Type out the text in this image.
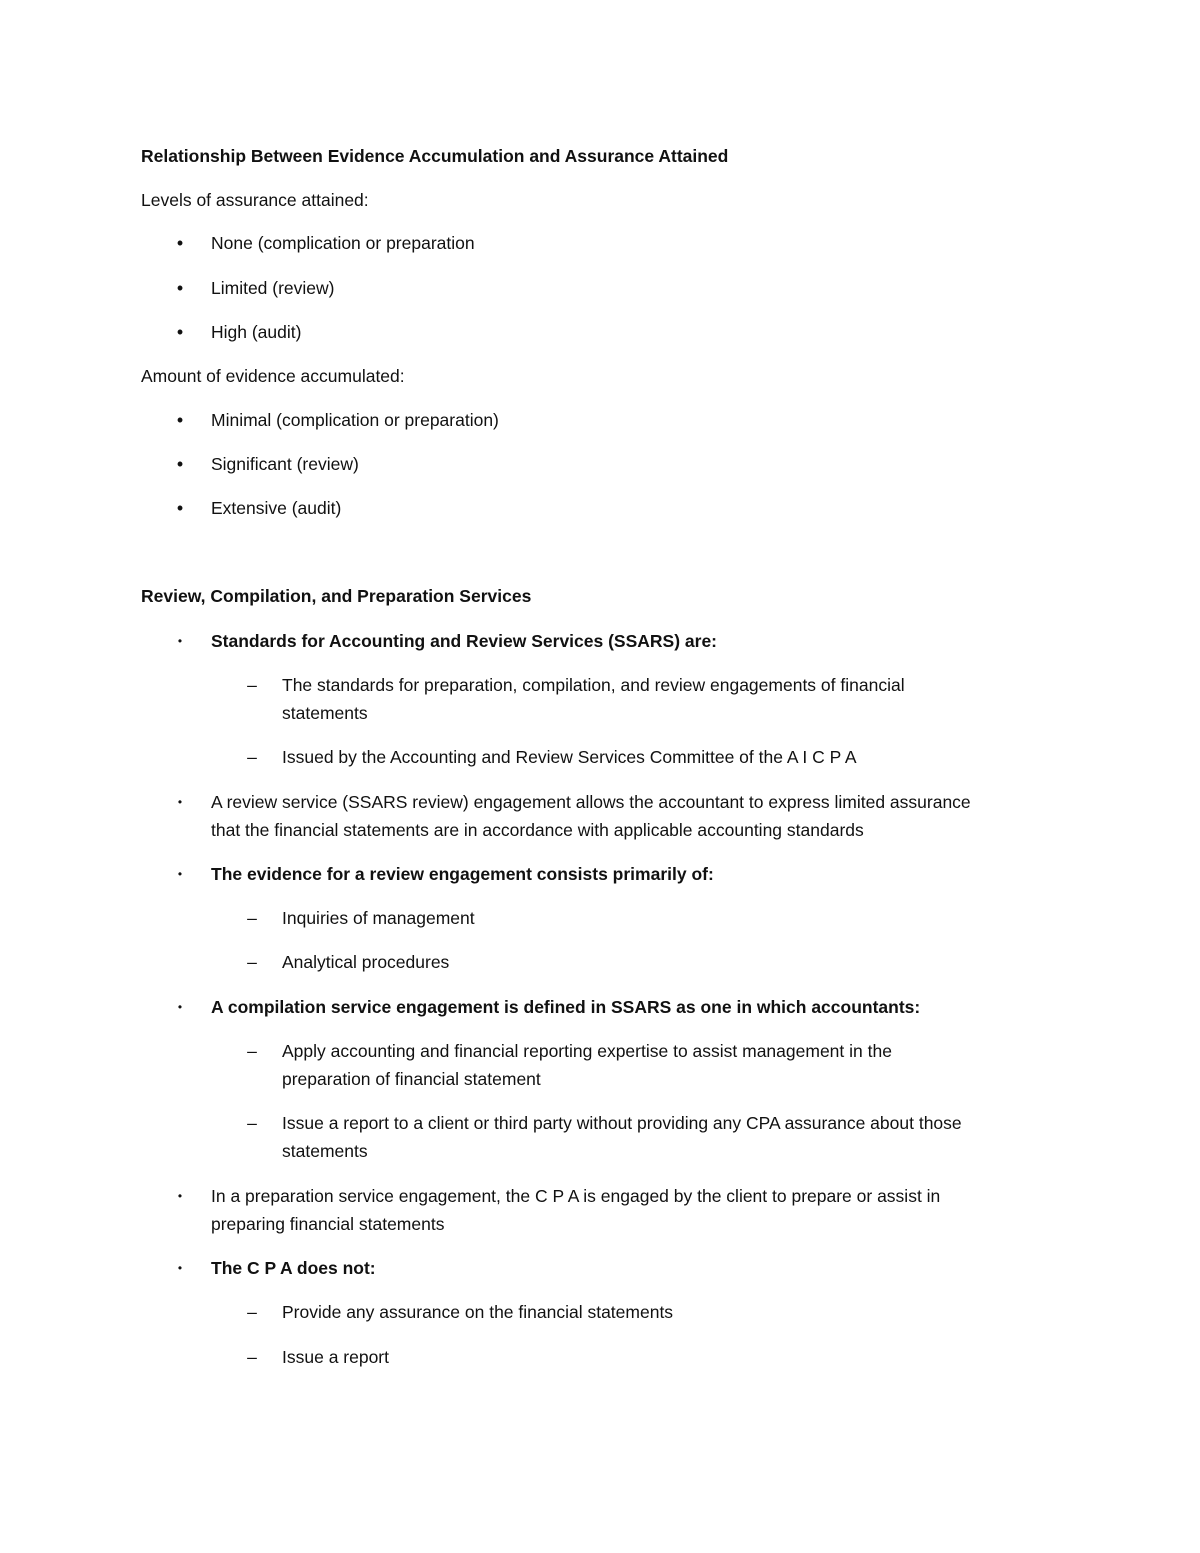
Relationship Between Evidence Accumulation and Assurance Attained
Levels of assurance attained:
•	None (complication or preparation
•	Limited (review)
•	High (audit)
Amount of evidence accumulated:
•	Minimal (complication or preparation)
•	Significant (review)
•	Extensive (audit)
Review, Compilation, and Preparation Services
•	Standards for Accounting and Review Services (SSARS) are:
– The standards for preparation, compilation, and review engagements of financial
statements
– Issued by the Accounting and Review Services Committee of the A I C P A
•	A review service (SSARS review) engagement allows the accountant to express limited assurance
that the financial statements are in accordance with applicable accounting standards
•	The evidence for a review engagement consists primarily of:
– Inquiries of management
– Analytical procedures
•	A compilation service engagement is defined in SSARS as one in which accountants:
– Apply accounting and financial reporting expertise to assist management in the
preparation of financial statement
– Issue a report to a client or third party without providing any CPA assurance about those
statements
•	In a preparation service engagement, the C P A is engaged by the client to prepare or assist in
preparing financial statements
•	The C P A does not:
– Provide any assurance on the financial statements
– Issue a report
